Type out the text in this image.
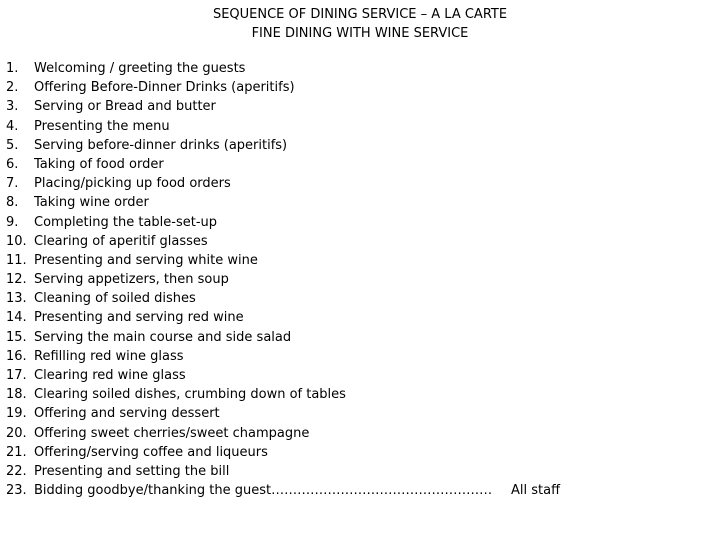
SEQUENCE OF DINING SERVICE – A LA CARTE
FINE DINING WITH WINE SERVICE
1.	Welcoming / greeting the guests
2.	Offering Before-Dinner Drinks (aperitifs)
3.	Serving or Bread and butter
4.	Presenting the menu
5.	Serving before-dinner drinks (aperitifs)
6.	Taking of food order
7.	Placing/picking up food orders
8.	Taking wine order
9.	Completing the table-set-up
10. Clearing of aperitif glasses
11. Presenting and serving white wine
12. Serving appetizers, then soup
13. Cleaning of soiled dishes
14. Presenting and serving red wine
15. Serving the main course and side salad
16. Refilling red wine glass
17. Clearing red wine glass
18. Clearing soiled dishes, crumbing down of tables
19. Offering and serving dessert
20. Offering sweet cherries/sweet champagne
21. Offering/serving coffee and liqueurs
22. Presenting and setting the bill
23. Bidding goodbye/thanking the guest…………………………………………… All staff
